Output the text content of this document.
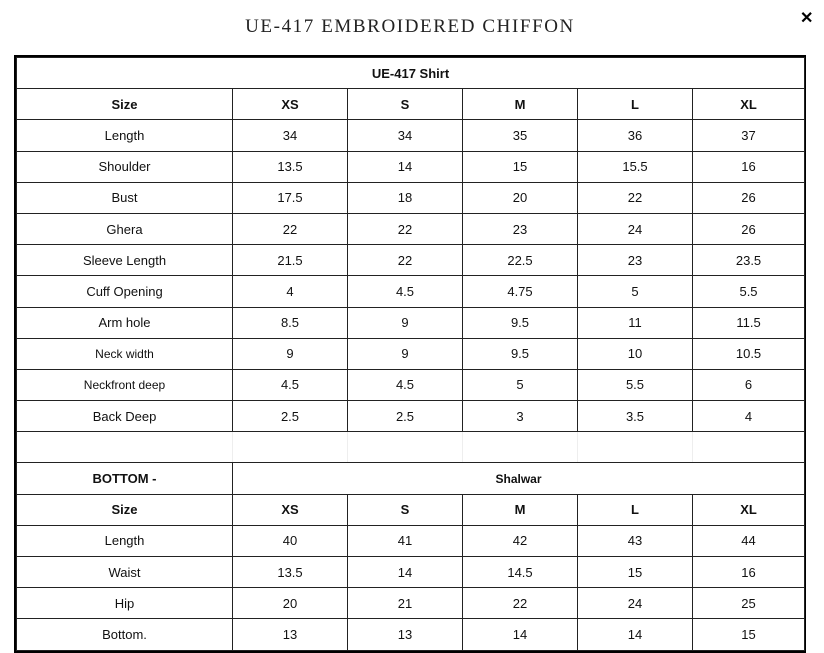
UE-417 EMBROIDERED CHIFFON	✕
UE-417 Shirt					
Size	XS	S	M	L	XL
Length	34	34	35	36	37
Shoulder	13.5	14	15	15.5	16
Bust	17.5	18	20	22	26
Ghera	22	22	23	24	26
Sleeve Length	21.5	22	22.5	23	23.5
Cuff Opening	4	4.5	4.75	5	5.5
Arm hole	8.5	9	9.5	11	11.5
Neck width	9	9	9.5	10	10.5
Neckfront deep	4.5	4.5	5	5.5	6
Back Deep	2.5	2.5	3	3.5	4

BOTTOM -	Shalwar				
Size	XS	S	M	L	XL
Length	40	41	42	43	44
Waist	13.5	14	14.5	15	16
Hip	20	21	22	24	25
Bottom.	13	13	14	14	15
